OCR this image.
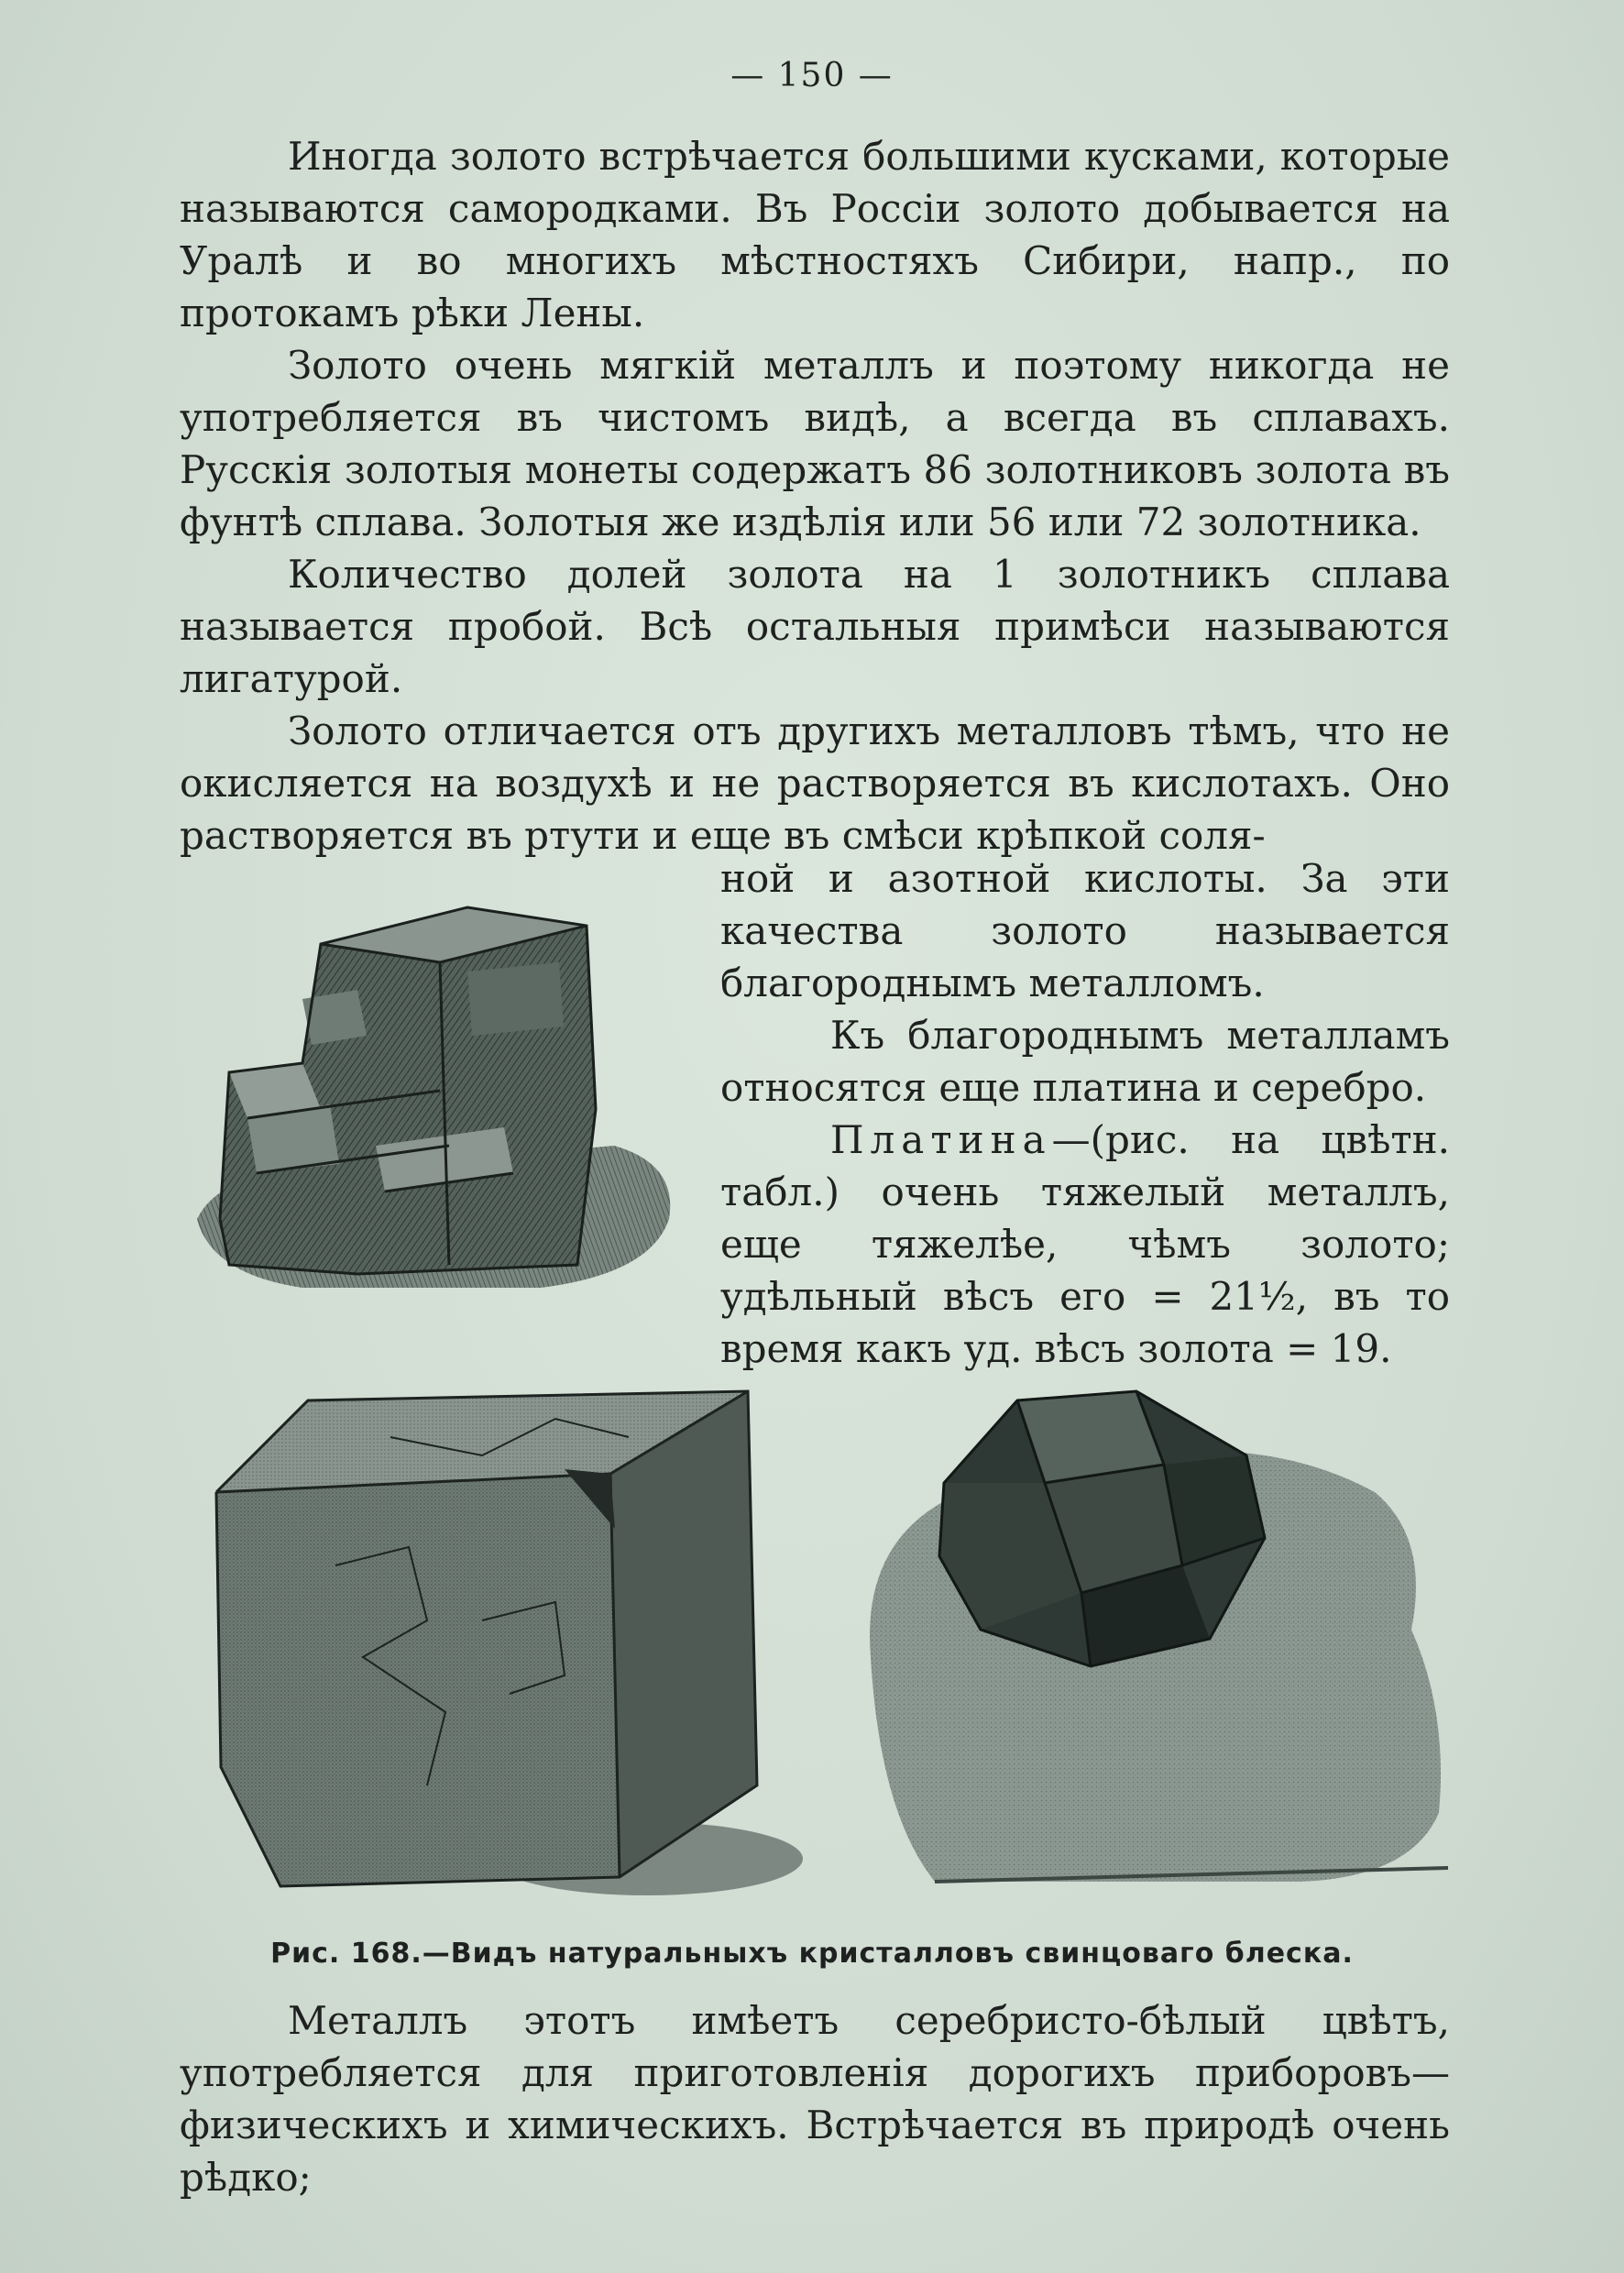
— 150 —

Иногда золото встрѣчается большими кусками, которые называются самородками. Въ Россіи золото добывается на Уралѣ и во многихъ мѣстностяхъ Сибири, напр., по протокамъ рѣки Лены.

Золото очень мягкій металлъ и поэтому никогда не употребляется въ чистомъ видѣ, а всегда въ сплавахъ. Русскія золотыя монеты содержатъ 86 золотниковъ золота въ фунтѣ сплава. Золотыя же издѣлія или 56 или 72 золотника.

Количество долей золота на 1 золотникъ сплава называется пробой. Всѣ остальныя примѣси называются лигатурой.

Золото отличается отъ другихъ металловъ тѣмъ, что не окисляется на воздухѣ и не растворяется въ кислотахъ. Оно растворяется въ ртути и еще въ смѣси крѣпкой соля-

ной и азотной кислоты. За эти качества золото называется благороднымъ металломъ.

Къ благороднымъ металламъ относятся еще платина и серебро.

Платина—(рис. на цвѣтн. табл.) очень тяжелый металлъ, еще тяжелѣе, чѣмъ золото; удѣльный вѣсъ его = 21½, въ то время какъ уд. вѣсъ золота = 19.

Рис. 168.—Видъ натуральныхъ кристалловъ свинцоваго блеска.

Металлъ этотъ имѣетъ серебристо-бѣлый цвѣтъ, употребляется для приготовленія дорогихъ приборовъ—физическихъ и химическихъ. Встрѣчается въ природѣ очень рѣдко;
